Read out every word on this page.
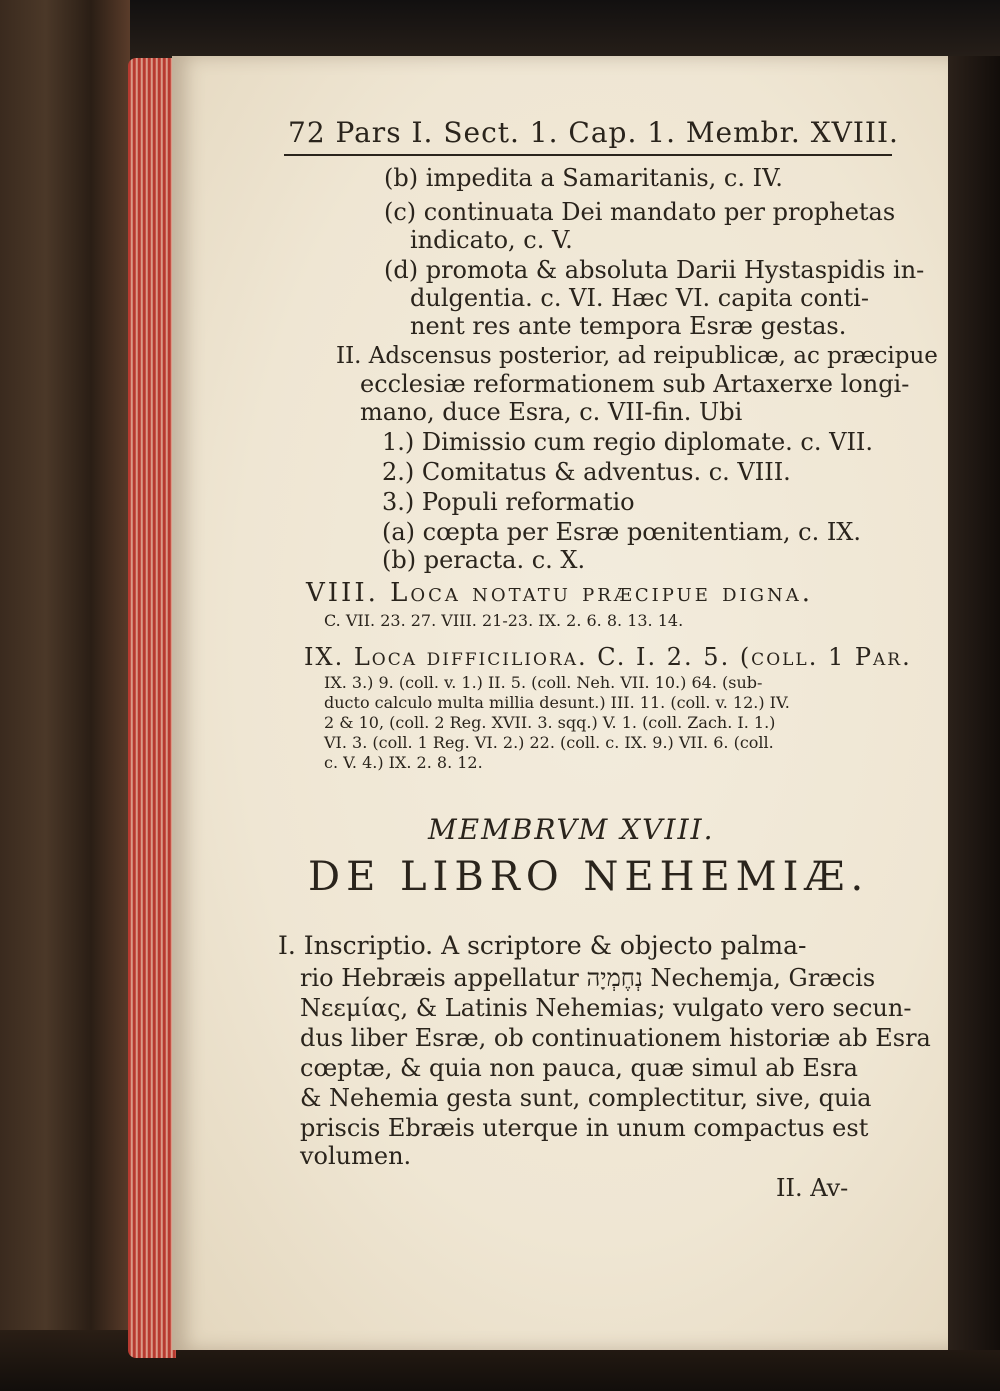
72 Pars I. Sect. 1. Cap. 1. Membr. XVIII.
(b) impedita a Samaritanis, c. IV.
(c) continuata Dei mandato per prophetas
indicato, c. V.
(d) promota & absoluta Darii Hystaspidis in-
dulgentia. c. VI. Hæc VI. capita conti-
nent res ante tempora Esræ gestas.
II. Adscensus posterior, ad reipublicæ, ac præcipue
ecclesiæ reformationem sub Artaxerxe longi-
mano, duce Esra, c. VII-fin. Ubi
1.) Dimissio cum regio diplomate. c. VII.
2.) Comitatus & adventus. c. VIII.
3.) Populi reformatio
(a) cœpta per Esræ pœnitentiam, c. IX.
(b) peracta. c. X.
VIII. Loca notatu præcipue digna.
C. VII. 23. 27. VIII. 21-23. IX. 2. 6. 8. 13. 14.
IX. Loca difficiliora. C. I. 2. 5. (coll. 1 Par.
IX. 3.) 9. (coll. v. 1.) II. 5. (coll. Neh. VII. 10.) 64. (sub-
ducto calculo multa millia desunt.) III. 11. (coll. v. 12.) IV.
2 & 10, (coll. 2 Reg. XVII. 3. sqq.) V. 1. (coll. Zach. I. 1.)
VI. 3. (coll. 1 Reg. VI. 2.) 22. (coll. c. IX. 9.) VII. 6. (coll.
c. V. 4.) IX. 2. 8. 12.
MEMBRVM XVIII.
DE LIBRO NEHEMIÆ.
I. Inscriptio. A scriptore & objecto palma-
rio Hebræis appellatur נְחֶמְיָה Nechemja, Græcis
Νεεμίας, & Latinis Nehemias; vulgato vero secun-
dus liber Esræ, ob continuationem historiæ ab Esra
cœptæ, & quia non pauca, quæ simul ab Esra
& Nehemia gesta sunt, complectitur, sive, quia
priscis Ebræis uterque in unum compactus est
volumen.
II. Av-
